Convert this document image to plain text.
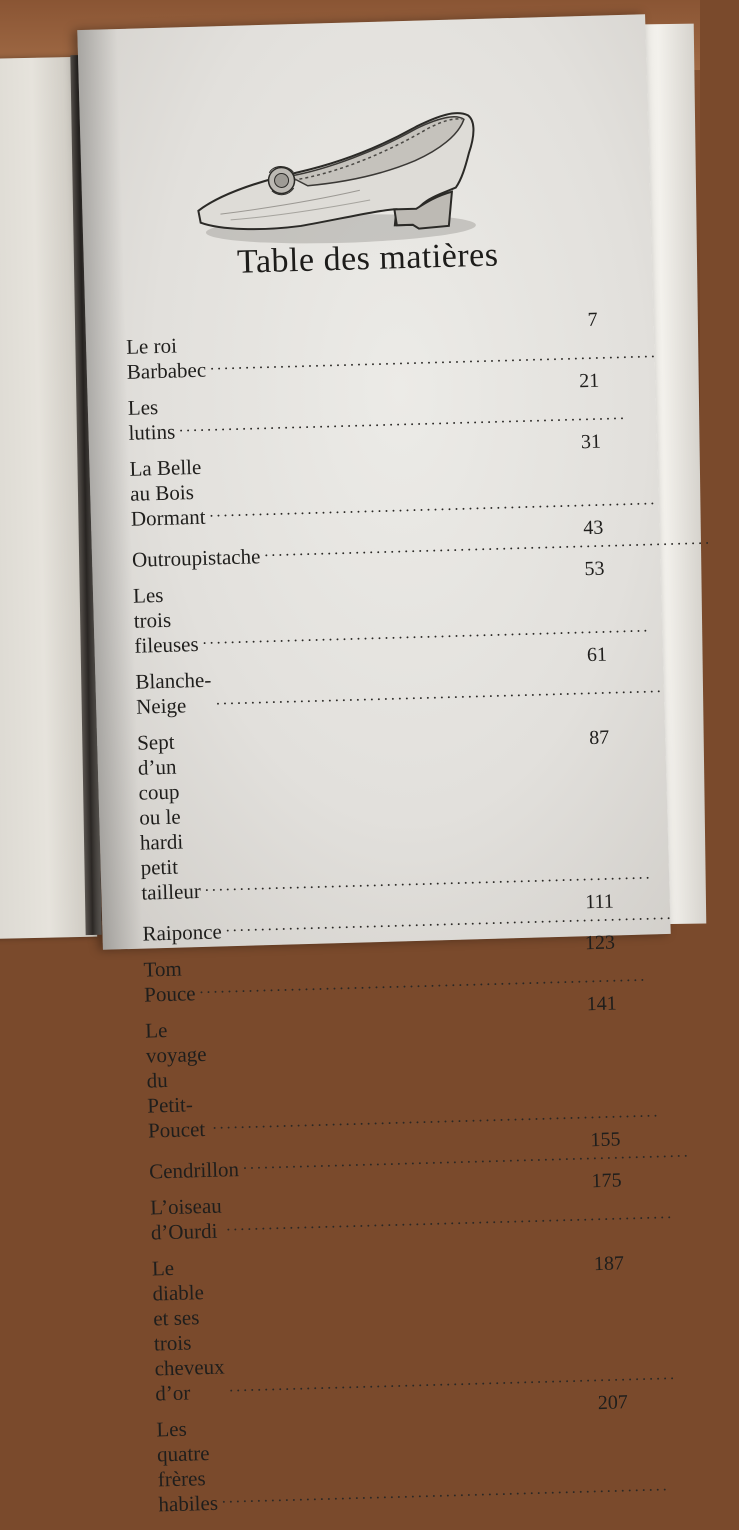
Table des matières
Le roi Barbabec
.....
7
Les lutins
.....
21
La Belle au Bois Dormant
.....
31
Outroupistache
.....
43
Les trois fileuses
.....
53
Blanche-Neige
.....
61
Sept d’un coup ou le hardi
petit tailleur
.....
87
Raiponce
.....
111
Tom Pouce
.....
123
Le voyage du Petit-Poucet
.....
141
Cendrillon
.....
155
L’oiseau d’Ourdi
.....
175
Le diable
et ses trois cheveux d’or
.....
187
Les quatre frères habiles
.....
207
